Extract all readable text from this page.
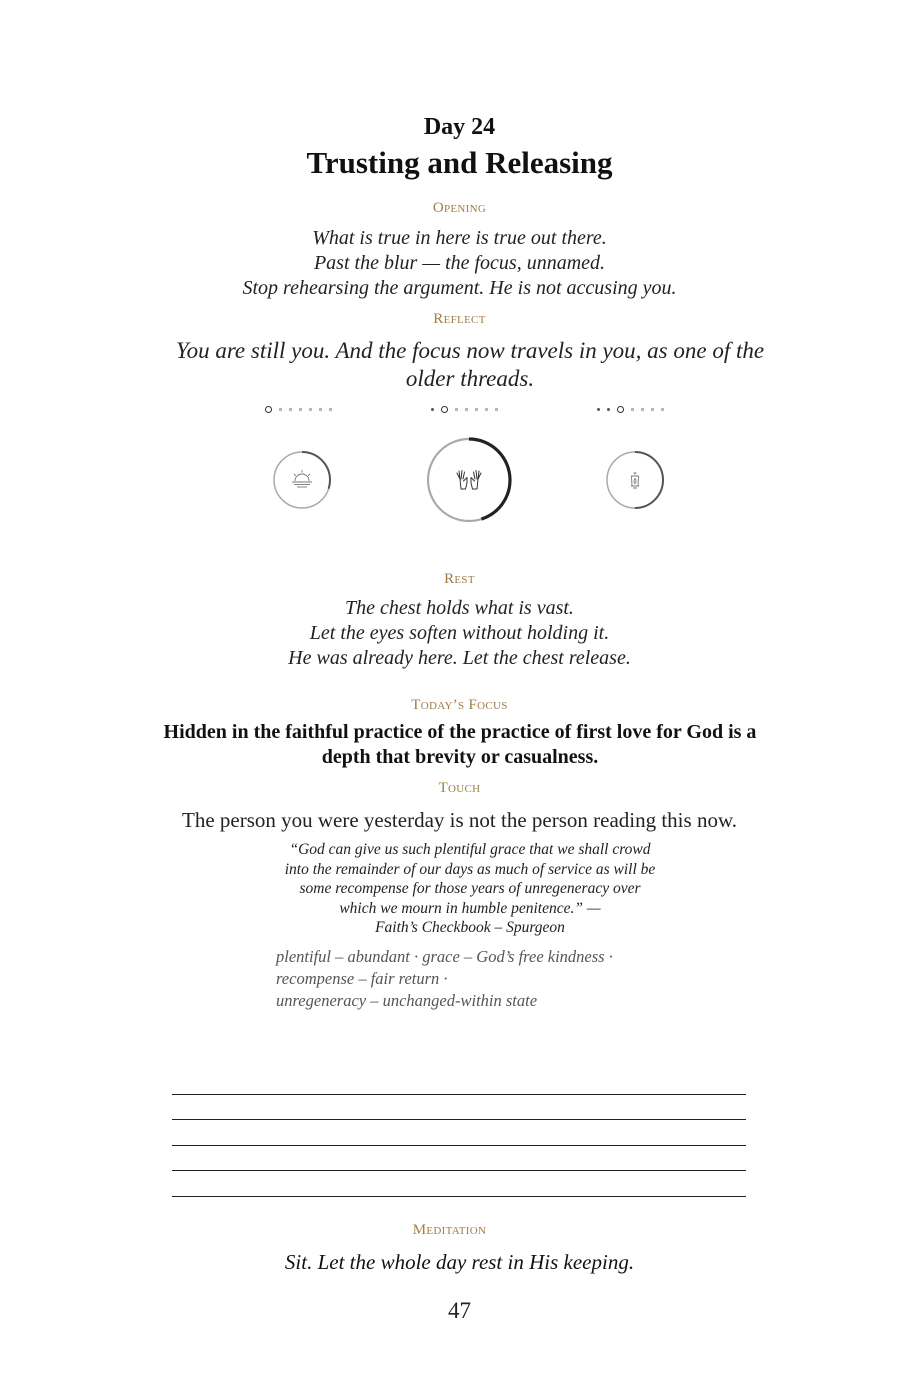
Day 24
Trusting and Releasing
Opening
What is true in here is true out there.
Past the blur — the focus, unnamed.
Stop rehearsing the argument. He is not accusing you.
Reflect
You are still you. And the focus now travels in you, as one of the older threads.
Rest
The chest holds what is vast.
Let the eyes soften without holding it.
He was already here. Let the chest release.
Today’s Focus
Hidden in the faithful practice of the practice of first love for God is a depth that brevity or casualness.
Touch
The person you were yesterday is not the person reading this now.
“God can give us such plentiful grace that we shall crowd
into the remainder of our days as much of service as will be
some recompense for those years of unregeneracy over
which we mourn in humble penitence.” —
Faith’s Checkbook – Spurgeon
plentiful – abundant · grace – God’s free kindness ·
recompense – fair return ·
unregeneracy – unchanged-within state
Meditation
Sit. Let the whole day rest in His keeping.
47
